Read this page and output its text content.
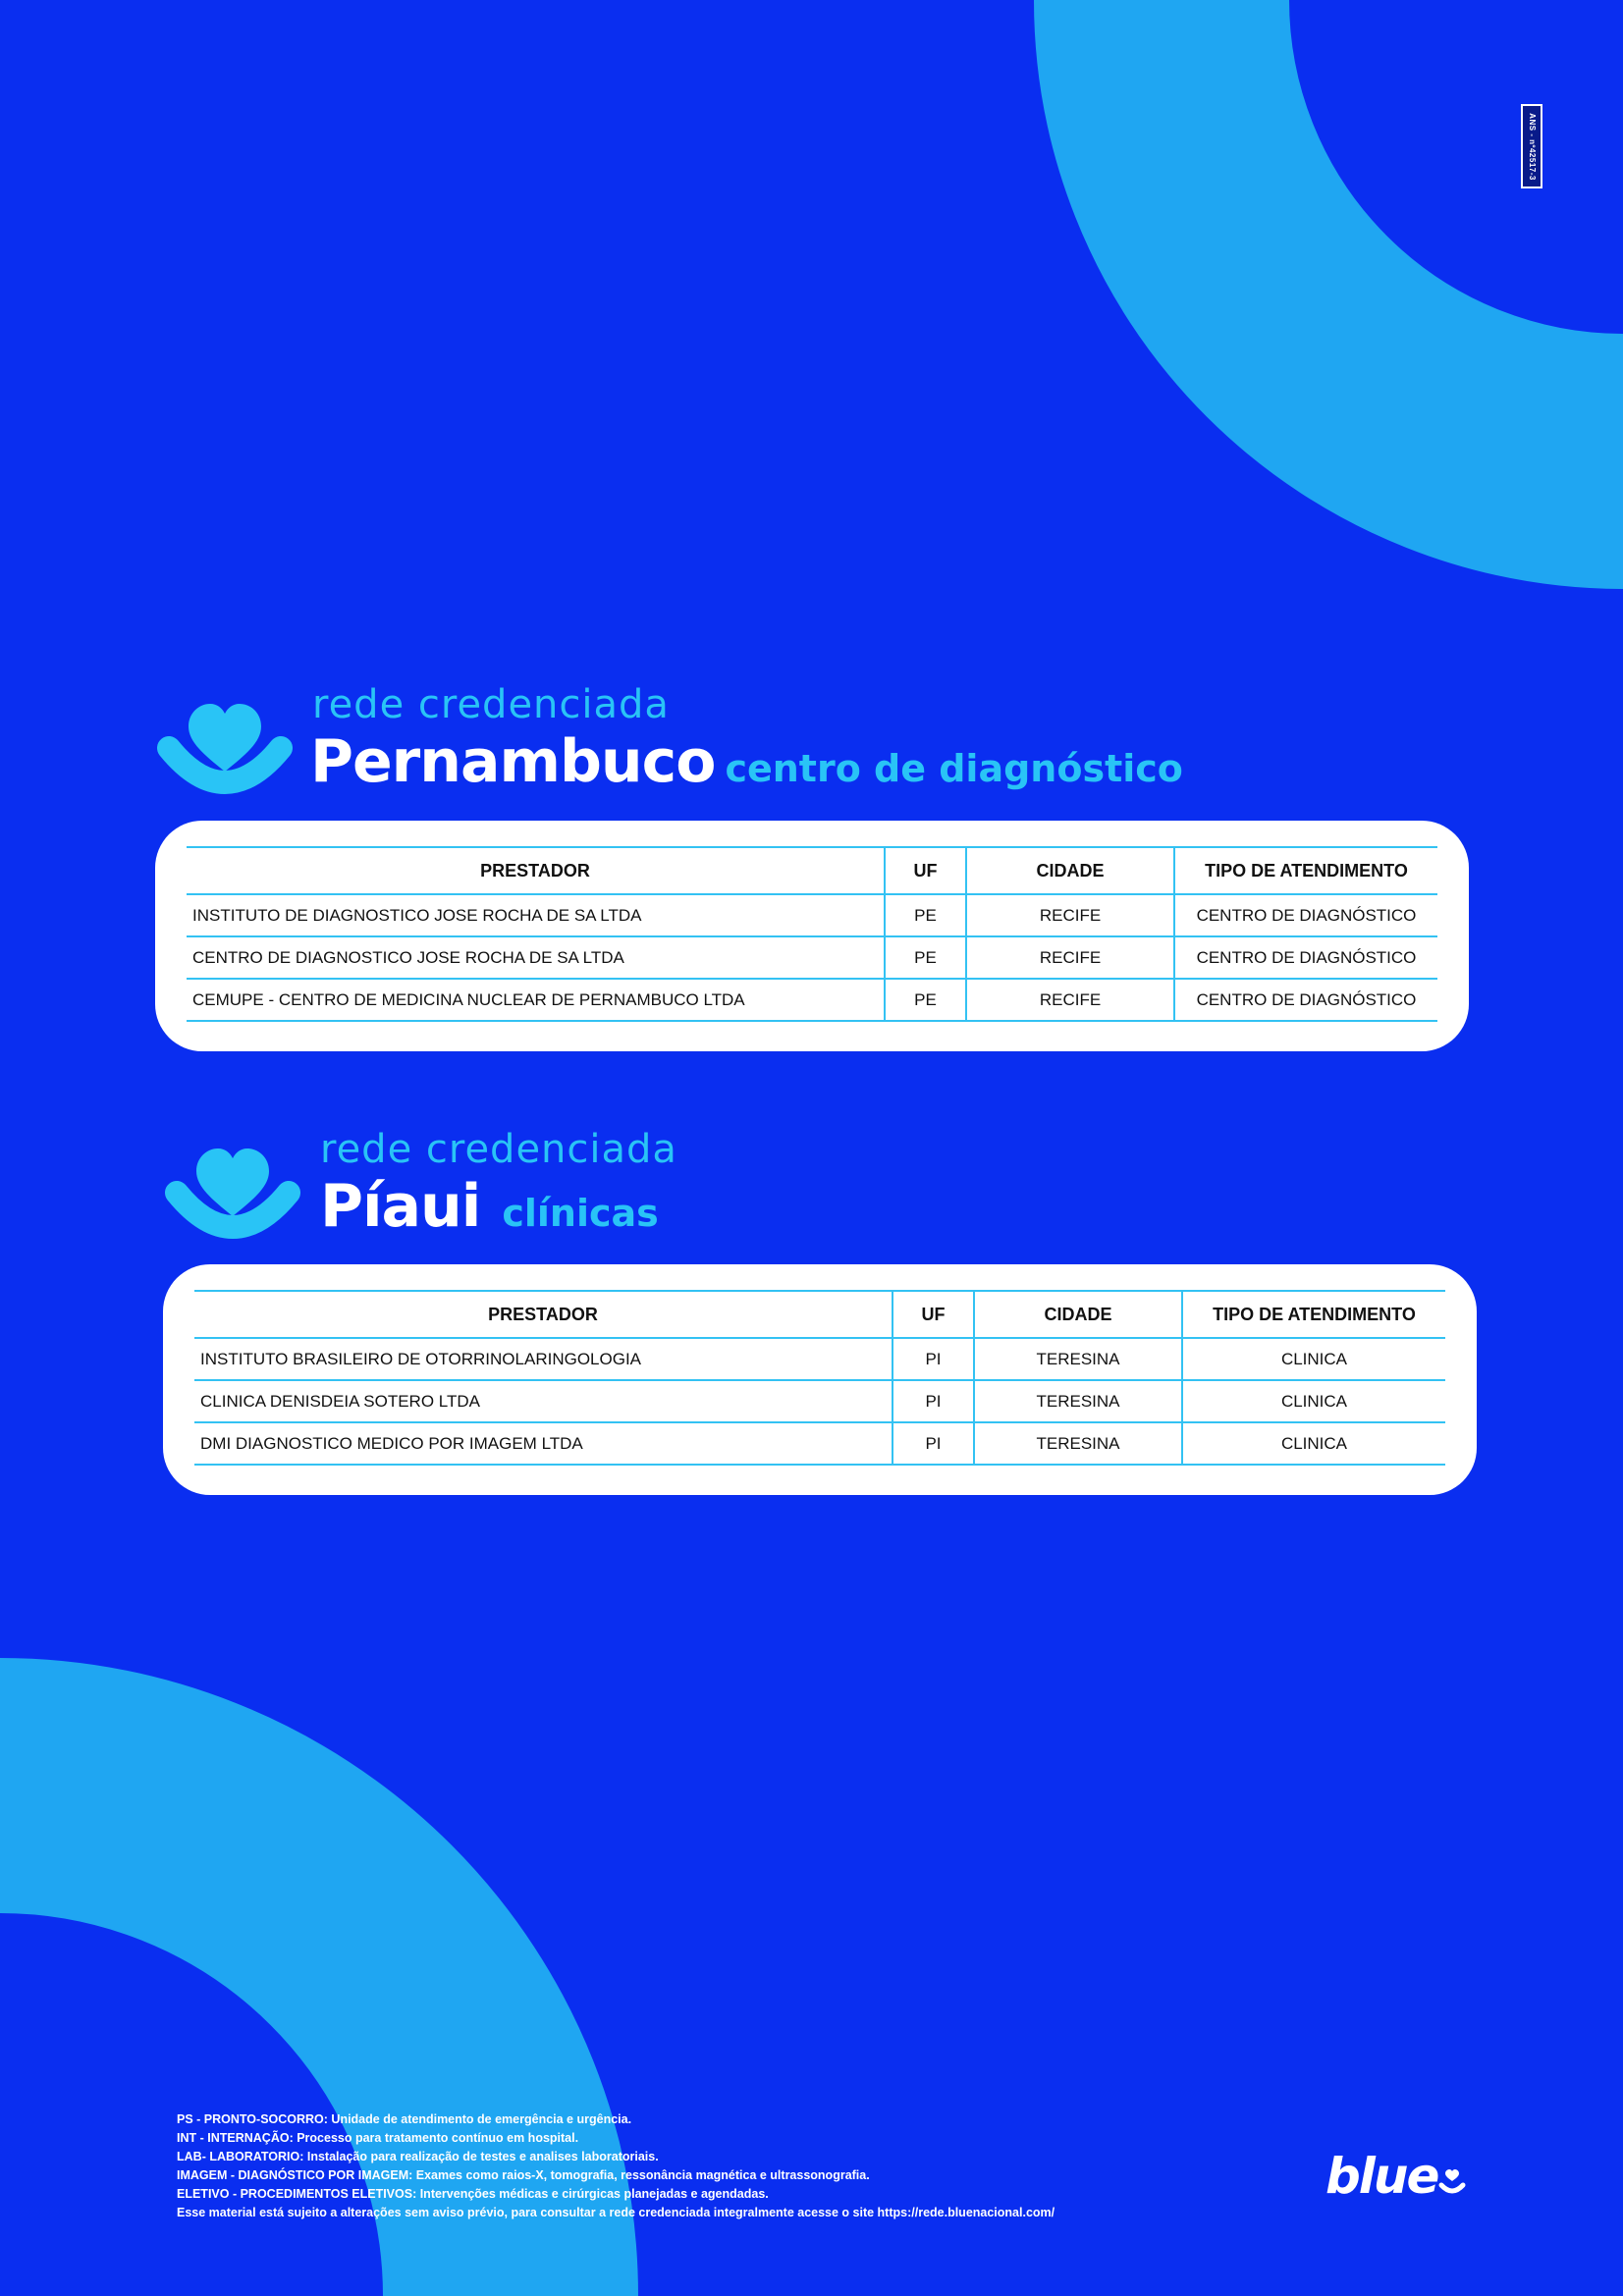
ANS - nº42517-3
rede credenciada
Pernambuco centro de diagnóstico
PRESTADOR	UF	CIDADE	TIPO DE ATENDIMENTO
INSTITUTO DE DIAGNOSTICO JOSE ROCHA DE SA LTDA	PE	RECIFE	CENTRO DE DIAGNÓSTICO
CENTRO DE DIAGNOSTICO JOSE ROCHA DE SA LTDA	PE	RECIFE	CENTRO DE DIAGNÓSTICO
CEMUPE - CENTRO DE MEDICINA NUCLEAR DE PERNAMBUCO LTDA	PE	RECIFE	CENTRO DE DIAGNÓSTICO
rede credenciada
Píaui clínicas
PRESTADOR	UF	CIDADE	TIPO DE ATENDIMENTO
INSTITUTO BRASILEIRO DE OTORRINOLARINGOLOGIA	PI	TERESINA	CLINICA
CLINICA DENISDEIA SOTERO LTDA	PI	TERESINA	CLINICA
DMI DIAGNOSTICO MEDICO POR IMAGEM LTDA	PI	TERESINA	CLINICA
PS - PRONTO-SOCORRO: Unidade de atendimento de emergência e urgência.
INT - INTERNAÇÃO: Processo para tratamento contínuo em hospital.
LAB- LABORATORIO: Instalação para realização de testes e analises laboratoriais.
IMAGEM - DIAGNÓSTICO POR IMAGEM: Exames como raios-X, tomografia, ressonância magnética e ultrassonografia.
ELETIVO - PROCEDIMENTOS ELETIVOS: Intervenções médicas e cirúrgicas planejadas e agendadas.
Esse material está sujeito a alterações sem aviso prévio, para consultar a rede credenciada integralmente acesse o site https://rede.bluenacional.com/
blue
